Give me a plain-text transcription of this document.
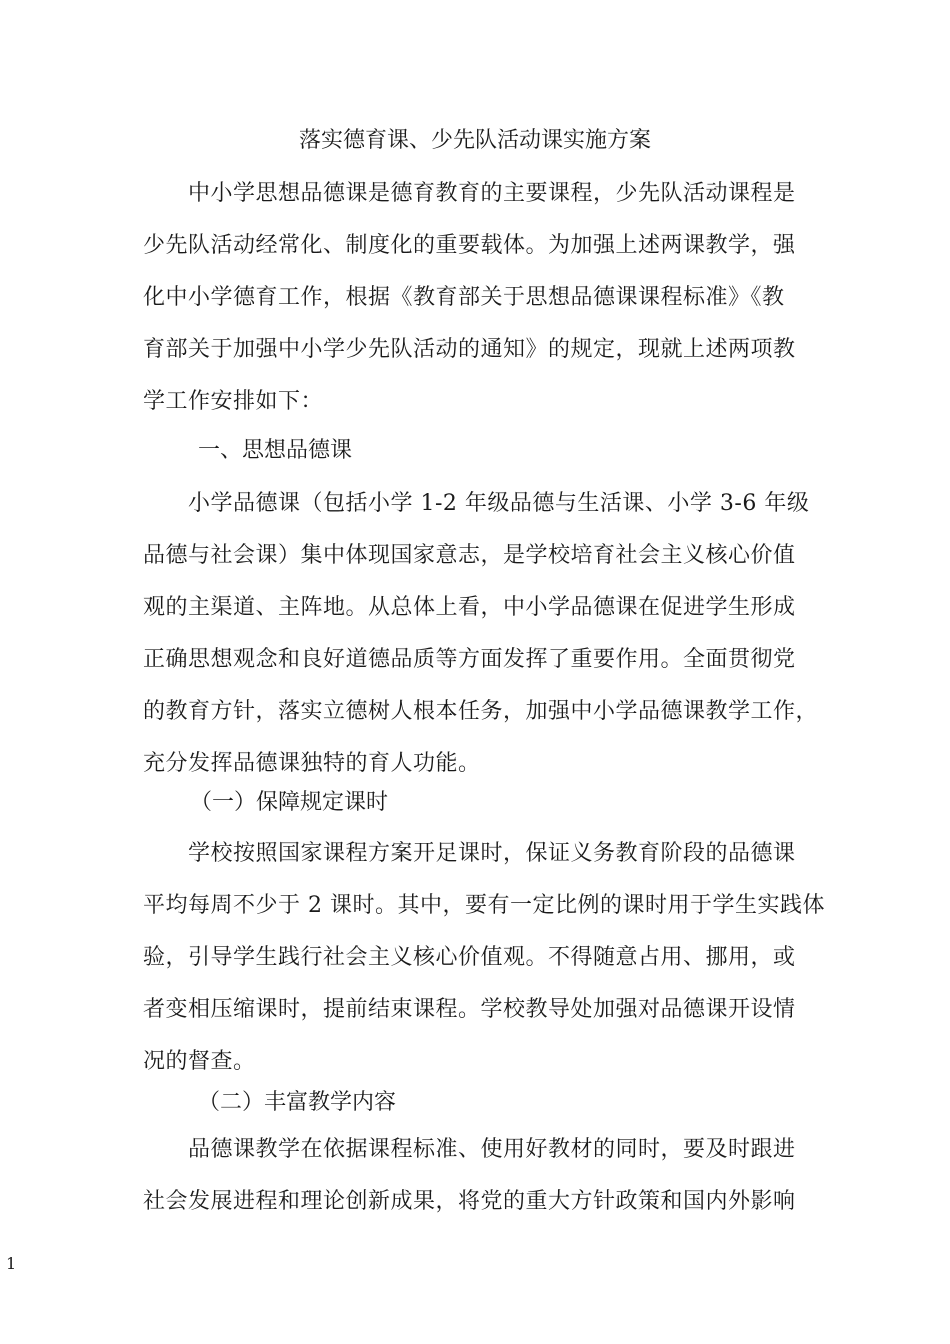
落实德育课、少先队活动课实施方案
　　中小学思想品德课是德育教育的主要课程，少先队活动课程是
少先队活动经常化、制度化的重要载体。为加强上述两课教学，强
化中小学德育工作，根据《教育部关于思想品德课课程标准》《教
育部关于加强中小学少先队活动的通知》的规定，现就上述两项教
学工作安排如下：
一、思想品德课
　　小学品德课（包括小学 1-2 年级品德与生活课、小学 3-6 年级
品德与社会课）集中体现国家意志，是学校培育社会主义核心价值
观的主渠道、主阵地。从总体上看，中小学品德课在促进学生形成
正确思想观念和良好道德品质等方面发挥了重要作用。全面贯彻党
的教育方针，落实立德树人根本任务，加强中小学品德课教学工作，
充分发挥品德课独特的育人功能。
（一）保障规定课时
　　学校按照国家课程方案开足课时，保证义务教育阶段的品德课
平均每周不少于 2 课时。其中，要有一定比例的课时用于学生实践体
验，引导学生践行社会主义核心价值观。不得随意占用、挪用，或
者变相压缩课时，提前结束课程。学校教导处加强对品德课开设情
况的督查。
（二）丰富教学内容
　　品德课教学在依据课程标准、使用好教材的同时，要及时跟进
社会发展进程和理论创新成果，将党的重大方针政策和国内外影响
1
